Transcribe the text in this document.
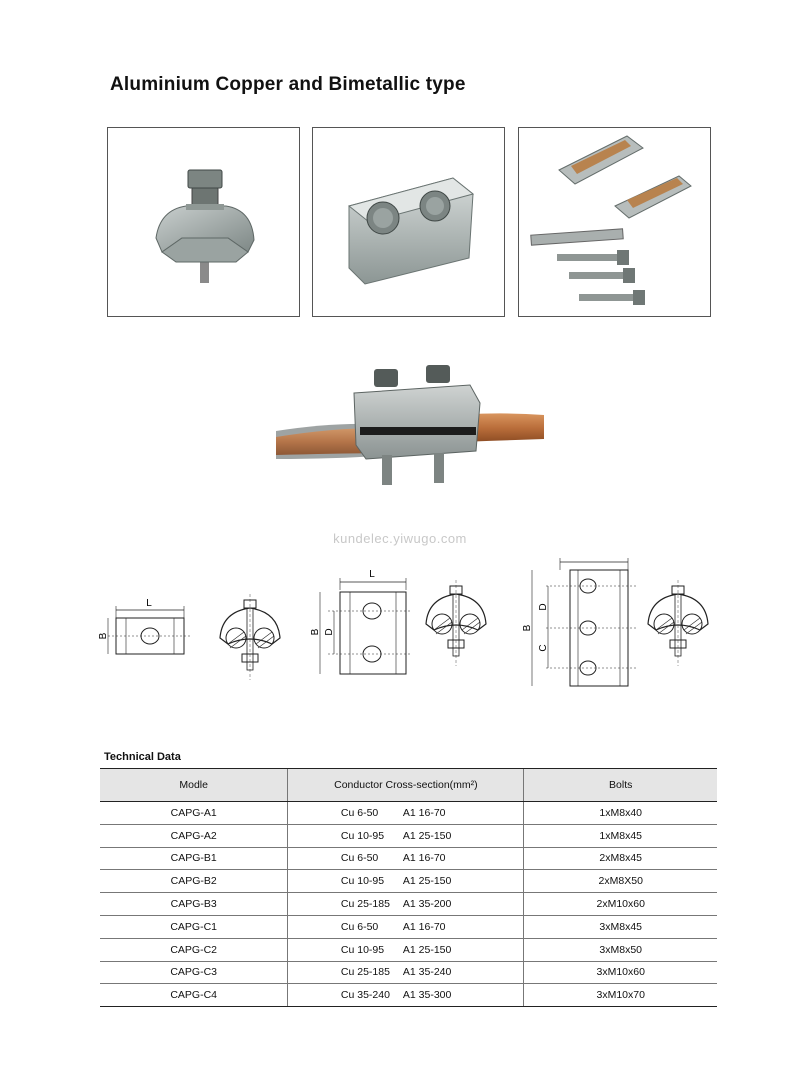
Aluminium Copper and Bimetallic type
kundelec.yiwugo.com
L
B
L
B D
B
D
C
Technical Data
Modle	Conductor Cross-section(mm²)	Bolts
CAPG-A1	Cu 6-50 A1 16-70	1xM8x40
CAPG-A2	Cu 10-95 A1 25-150	1xM8x45
CAPG-B1	Cu 6-50 A1 16-70	2xM8x45
CAPG-B2	Cu 10-95 A1 25-150	2xM8X50
CAPG-B3	Cu 25-185 A1 35-200	2xM10x60
CAPG-C1	Cu 6-50 A1 16-70	3xM8x45
CAPG-C2	Cu 10-95 A1 25-150	3xM8x50
CAPG-C3	Cu 25-185 A1 35-240	3xM10x60
CAPG-C4	Cu 35-240 A1 35-300	3xM10x70
